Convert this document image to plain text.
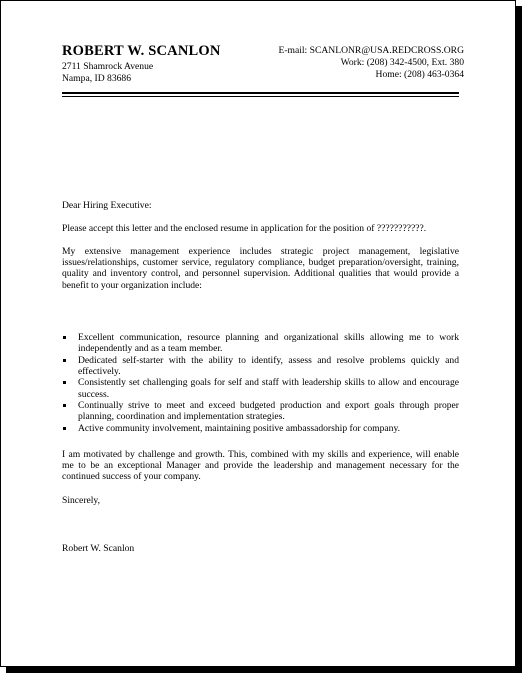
ROBERT W. SCANLON
2711 Shamrock Avenue
Nampa, ID 83686
E-mail: SCANLONR@USA.REDCROSS.ORG
Work: (208) 342-4500, Ext. 380
Home: (208) 463-0364
Dear Hiring Executive:
Please accept this letter and the enclosed resume in application for the position of ???????????.
My extensive management experience includes strategic project management, legislative issues/relationships, customer service, regulatory compliance, budget preparation/oversight, training, quality and inventory control, and personnel supervision. Additional qualities that would provide a benefit to your organization include:
Excellent communication, resource planning and organizational skills allowing me to work independently and as a team member.
Dedicated self-starter with the ability to identify, assess and resolve problems quickly and effectively.
Consistently set challenging goals for self and staff with leadership skills to allow and encourage success.
Continually strive to meet and exceed budgeted production and export goals through proper planning, coordination and implementation strategies.
Active community involvement, maintaining positive ambassadorship for company.
I am motivated by challenge and growth. This, combined with my skills and experience, will enable me to be an exceptional Manager and provide the leadership and management necessary for the continued success of your company.
Sincerely,
Robert W. Scanlon
